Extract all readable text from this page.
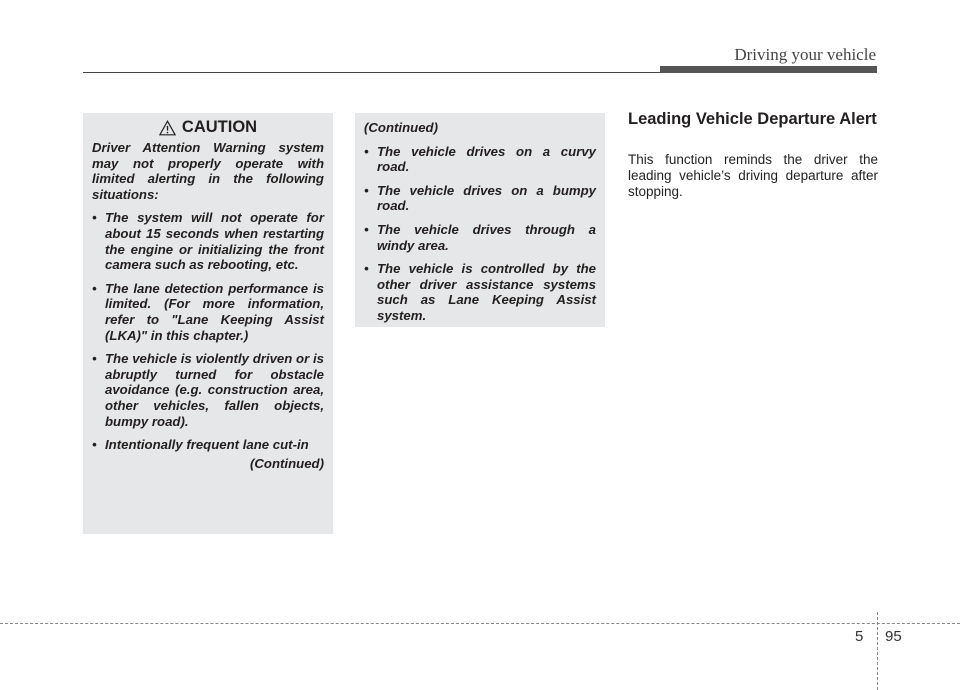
Driving your vehicle
CAUTION

Driver Attention Warning system may not properly operate with limited alerting in the following situations:

• The system will not operate for about 15 seconds when restarting the engine or initializing the front camera such as rebooting, etc.
• The lane detection performance is limited. (For more information, refer to "Lane Keeping Assist (LKA)" in this chapter.)
• The vehicle is violently driven or is abruptly turned for obstacle avoidance (e.g. construction area, other vehicles, fallen objects, bumpy road).
• Intentionally frequent lane cut-in
(Continued)
(Continued)
• The vehicle drives on a curvy road.
• The vehicle drives on a bumpy road.
• The vehicle drives through a windy area.
• The vehicle is controlled by the other driver assistance systems such as Lane Keeping Assist system.
Leading Vehicle Departure Alert

This function reminds the driver the leading vehicle’s driving departure after stopping.

5 95
